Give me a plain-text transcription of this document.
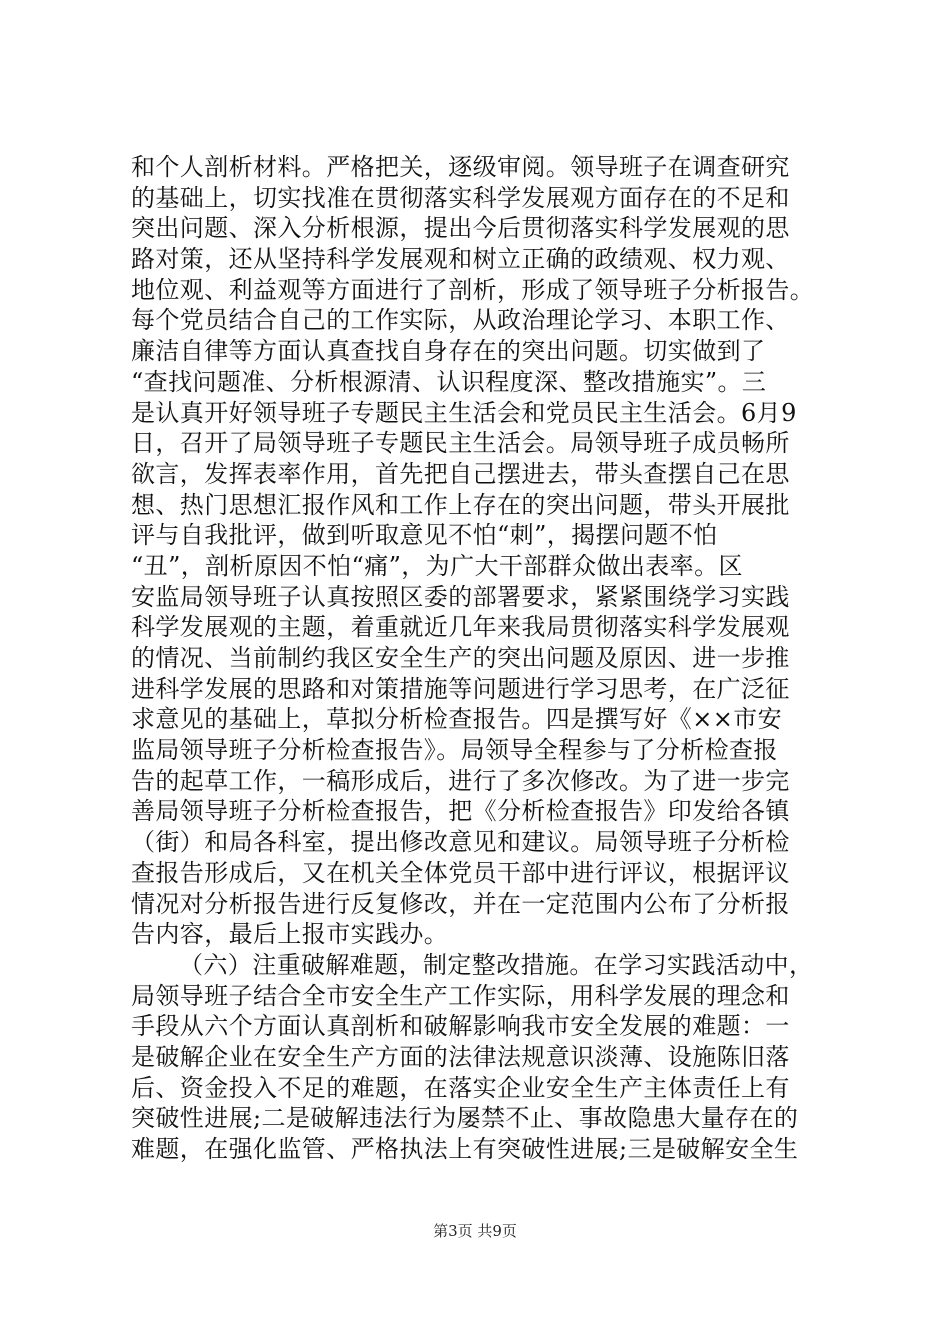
和个人剖析材料。严格把关，逐级审阅。领导班子在调查研究
的基础上，切实找准在贯彻落实科学发展观方面存在的不足和
突出问题、深入分析根源，提出今后贯彻落实科学发展观的思
路对策，还从坚持科学发展观和树立正确的政绩观、权力观、
地位观、利益观等方面进行了剖析，形成了领导班子分析报告。
每个党员结合自己的工作实际，从政治理论学习、本职工作、
廉洁自律等方面认真查找自身存在的突出问题。切实做到了
“查找问题准、分析根源清、认识程度深、整改措施实”。三
是认真开好领导班子专题民主生活会和党员民主生活会。6月9
日，召开了局领导班子专题民主生活会。局领导班子成员畅所
欲言，发挥表率作用，首先把自己摆进去，带头查摆自己在思
想、热门思想汇报作风和工作上存在的突出问题，带头开展批
评与自我批评，做到听取意见不怕“刺”，揭摆问题不怕
“丑”，剖析原因不怕“痛”，为广大干部群众做出表率。区
安监局领导班子认真按照区委的部署要求，紧紧围绕学习实践
科学发展观的主题，着重就近几年来我局贯彻落实科学发展观
的情况、当前制约我区安全生产的突出问题及原因、进一步推
进科学发展的思路和对策措施等问题进行学习思考，在广泛征
求意见的基础上，草拟分析检查报告。四是撰写好《××市安
监局领导班子分析检查报告》。局领导全程参与了分析检查报
告的起草工作，一稿形成后，进行了多次修改。为了进一步完
善局领导班子分析检查报告，把《分析检查报告》印发给各镇
（街）和局各科室，提出修改意见和建议。局领导班子分析检
查报告形成后，又在机关全体党员干部中进行评议，根据评议
情况对分析报告进行反复修改，并在一定范围内公布了分析报
告内容，最后上报市实践办。
（六）注重破解难题，制定整改措施。在学习实践活动中，
局领导班子结合全市安全生产工作实际，用科学发展的理念和
手段从六个方面认真剖析和破解影响我市安全发展的难题：一
是破解企业在安全生产方面的法律法规意识淡薄、设施陈旧落
后、资金投入不足的难题，在落实企业安全生产主体责任上有
突破性进展;二是破解违法行为屡禁不止、事故隐患大量存在的
难题，在强化监管、严格执法上有突破性进展;三是破解安全生
第3页 共9页
